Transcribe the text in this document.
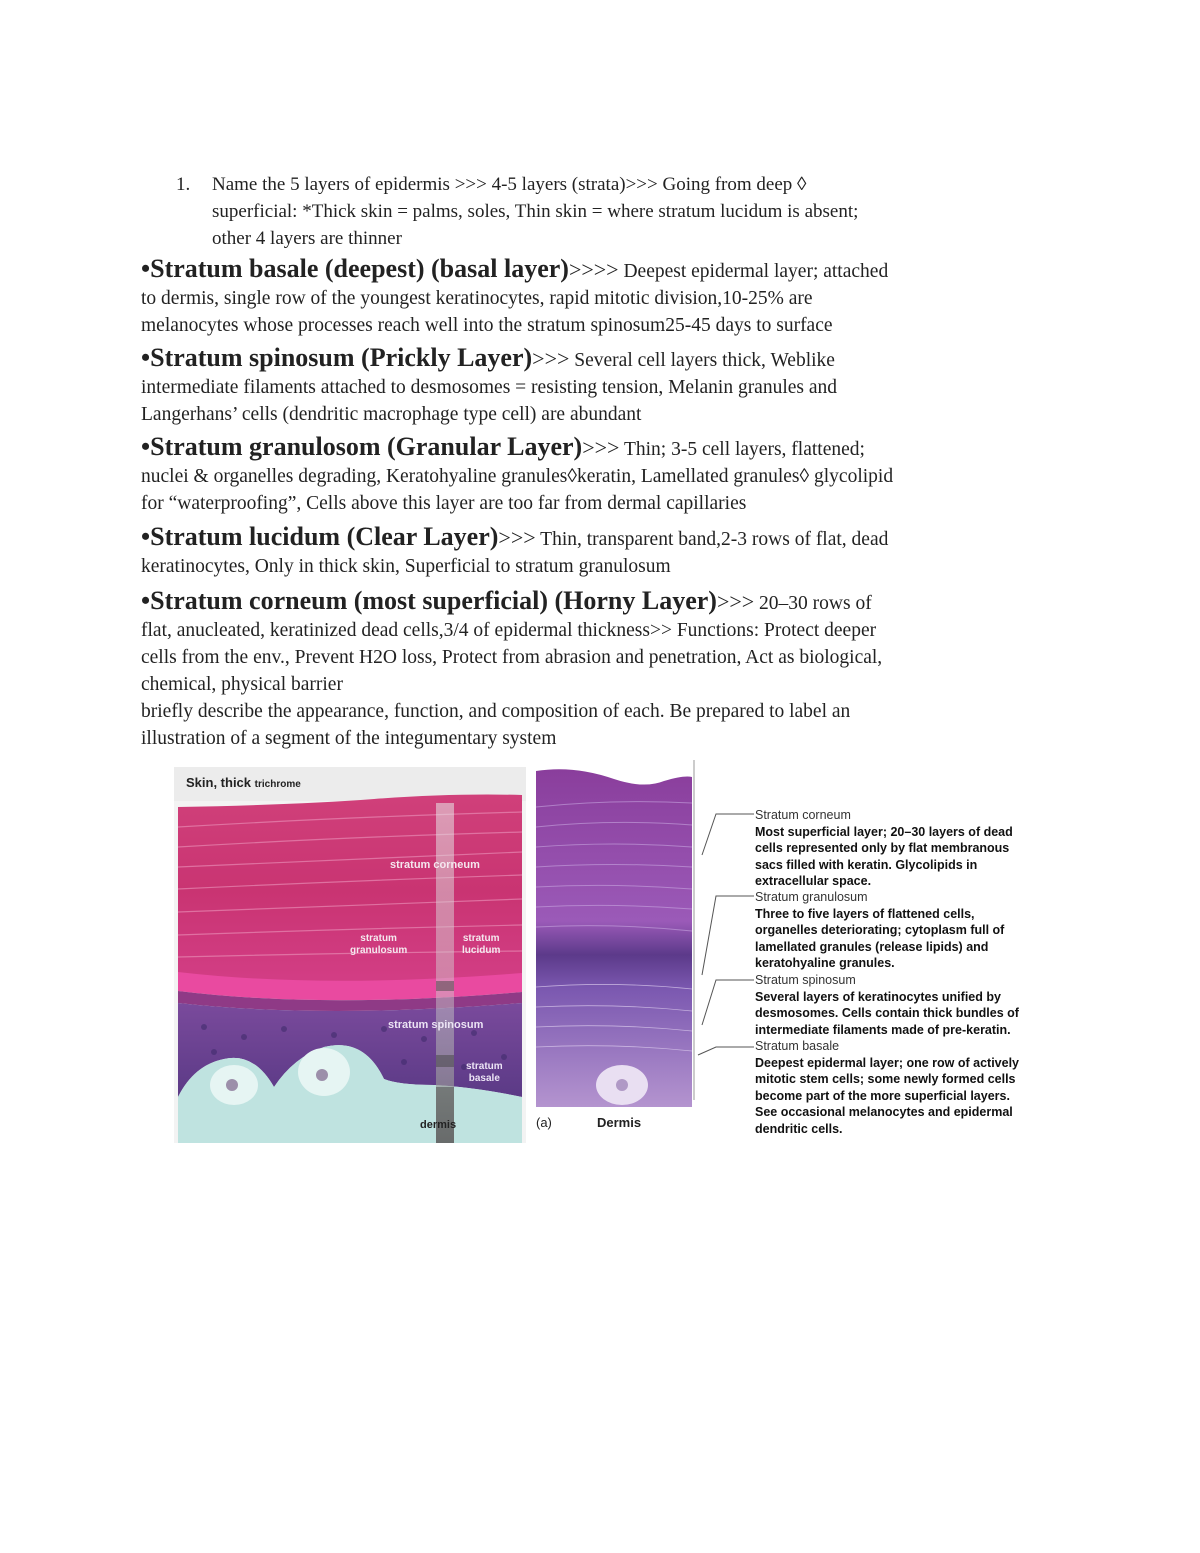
1. Name the 5 layers of epidermis >>> 4-5 layers (strata)>>> Going from deep ◊
superficial: *Thick skin = palms, soles, Thin skin = where stratum lucidum is absent;
other 4 layers are thinner
•Stratum basale (deepest) (basal layer)>>>> Deepest epidermal layer; attached
to dermis, single row of the youngest keratinocytes, rapid mitotic division,10-25% are
melanocytes whose processes reach well into the stratum spinosum25-45 days to surface
•Stratum spinosum (Prickly Layer)>>> Several cell layers thick, Weblike
intermediate filaments attached to desmosomes = resisting tension, Melanin granules and
Langerhans’ cells (dendritic macrophage type cell) are abundant
•Stratum granulosom (Granular Layer)>>> Thin; 3-5 cell layers, flattened;
nuclei & organelles degrading, Keratohyaline granules◊keratin, Lamellated granules◊ glycolipid
for “waterproofing”, Cells above this layer are too far from dermal capillaries
•Stratum lucidum (Clear Layer)>>> Thin, transparent band,2-3 rows of flat, dead
keratinocytes, Only in thick skin, Superficial to stratum granulosum
•Stratum corneum (most superficial) (Horny Layer)>>> 20–30 rows of
flat, anucleated, keratinized dead cells,3/4 of epidermal thickness>> Functions: Protect deeper
cells from the env., Prevent H2O loss, Protect from abrasion and penetration, Act as biological,
chemical, physical barrier
briefly describe the appearance, function, and composition of each. Be prepared to label an
illustration of a segment of the integumentary system
Skin, thick trichrome
stratum corneum
stratum
granulosum
stratum
lucidum
stratum spinosum
stratum
basale
dermis	(a)	Dermis
Stratum corneum
Most superficial layer; 20–30 layers of dead
cells represented only by flat membranous
sacs filled with keratin. Glycolipids in
extracellular space.
Stratum granulosum
Three to five layers of flattened cells,
organelles deteriorating; cytoplasm full of
lamellated granules (release lipids) and
keratohyaline granules.
Stratum spinosum
Several layers of keratinocytes unified by
desmosomes. Cells contain thick bundles of
intermediate filaments made of pre-keratin.
Stratum basale
Deepest epidermal layer; one row of actively
mitotic stem cells; some newly formed cells
become part of the more superficial layers.
See occasional melanocytes and epidermal
dendritic cells.
